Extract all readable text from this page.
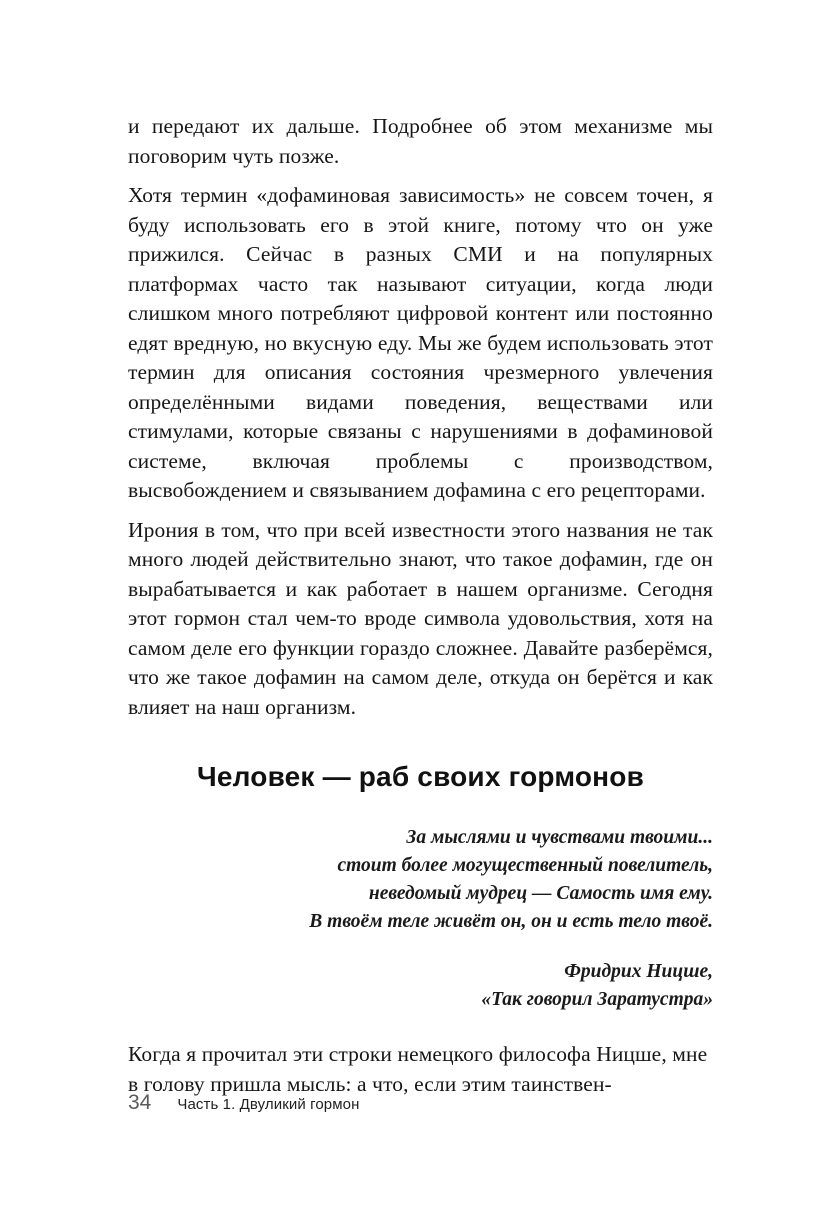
и передают их дальше. Подробнее об этом механизме мы поговорим чуть позже.

Хотя термин «дофаминовая зависимость» не совсем точен, я буду использовать его в этой книге, потому что он уже прижился. Сейчас в разных СМИ и на популярных платформах часто так называют ситуации, когда люди слишком много потребляют цифровой контент или постоянно едят вредную, но вкусную еду. Мы же будем использовать этот термин для описания состояния чрезмерного увлечения определёнными видами поведения, веществами или стимулами, которые связаны с нарушениями в дофаминовой системе, включая проблемы с производством, высвобождением и связыванием дофамина с его рецепторами.

Ирония в том, что при всей известности этого названия не так много людей действительно знают, что такое дофамин, где он вырабатывается и как работает в нашем организме. Сегодня этот гормон стал чем-то вроде символа удовольствия, хотя на самом деле его функции гораздо сложнее. Давайте разберёмся, что же такое дофамин на самом деле, откуда он берётся и как влияет на наш организм.

Человек — раб своих гормонов
За мыслями и чувствами твоими...
стоит более могущественный повелитель,
неведомый мудрец — Самость имя ему.
В твоём теле живёт он, он и есть тело твоё.
Фридрих Ницше,
«Так говорил Заратустра»

Когда я прочитал эти строки немецкого философа Ницше, мне в голову пришла мысль: а что, если этим таинствен-

34 Часть 1. Двуликий гормон
